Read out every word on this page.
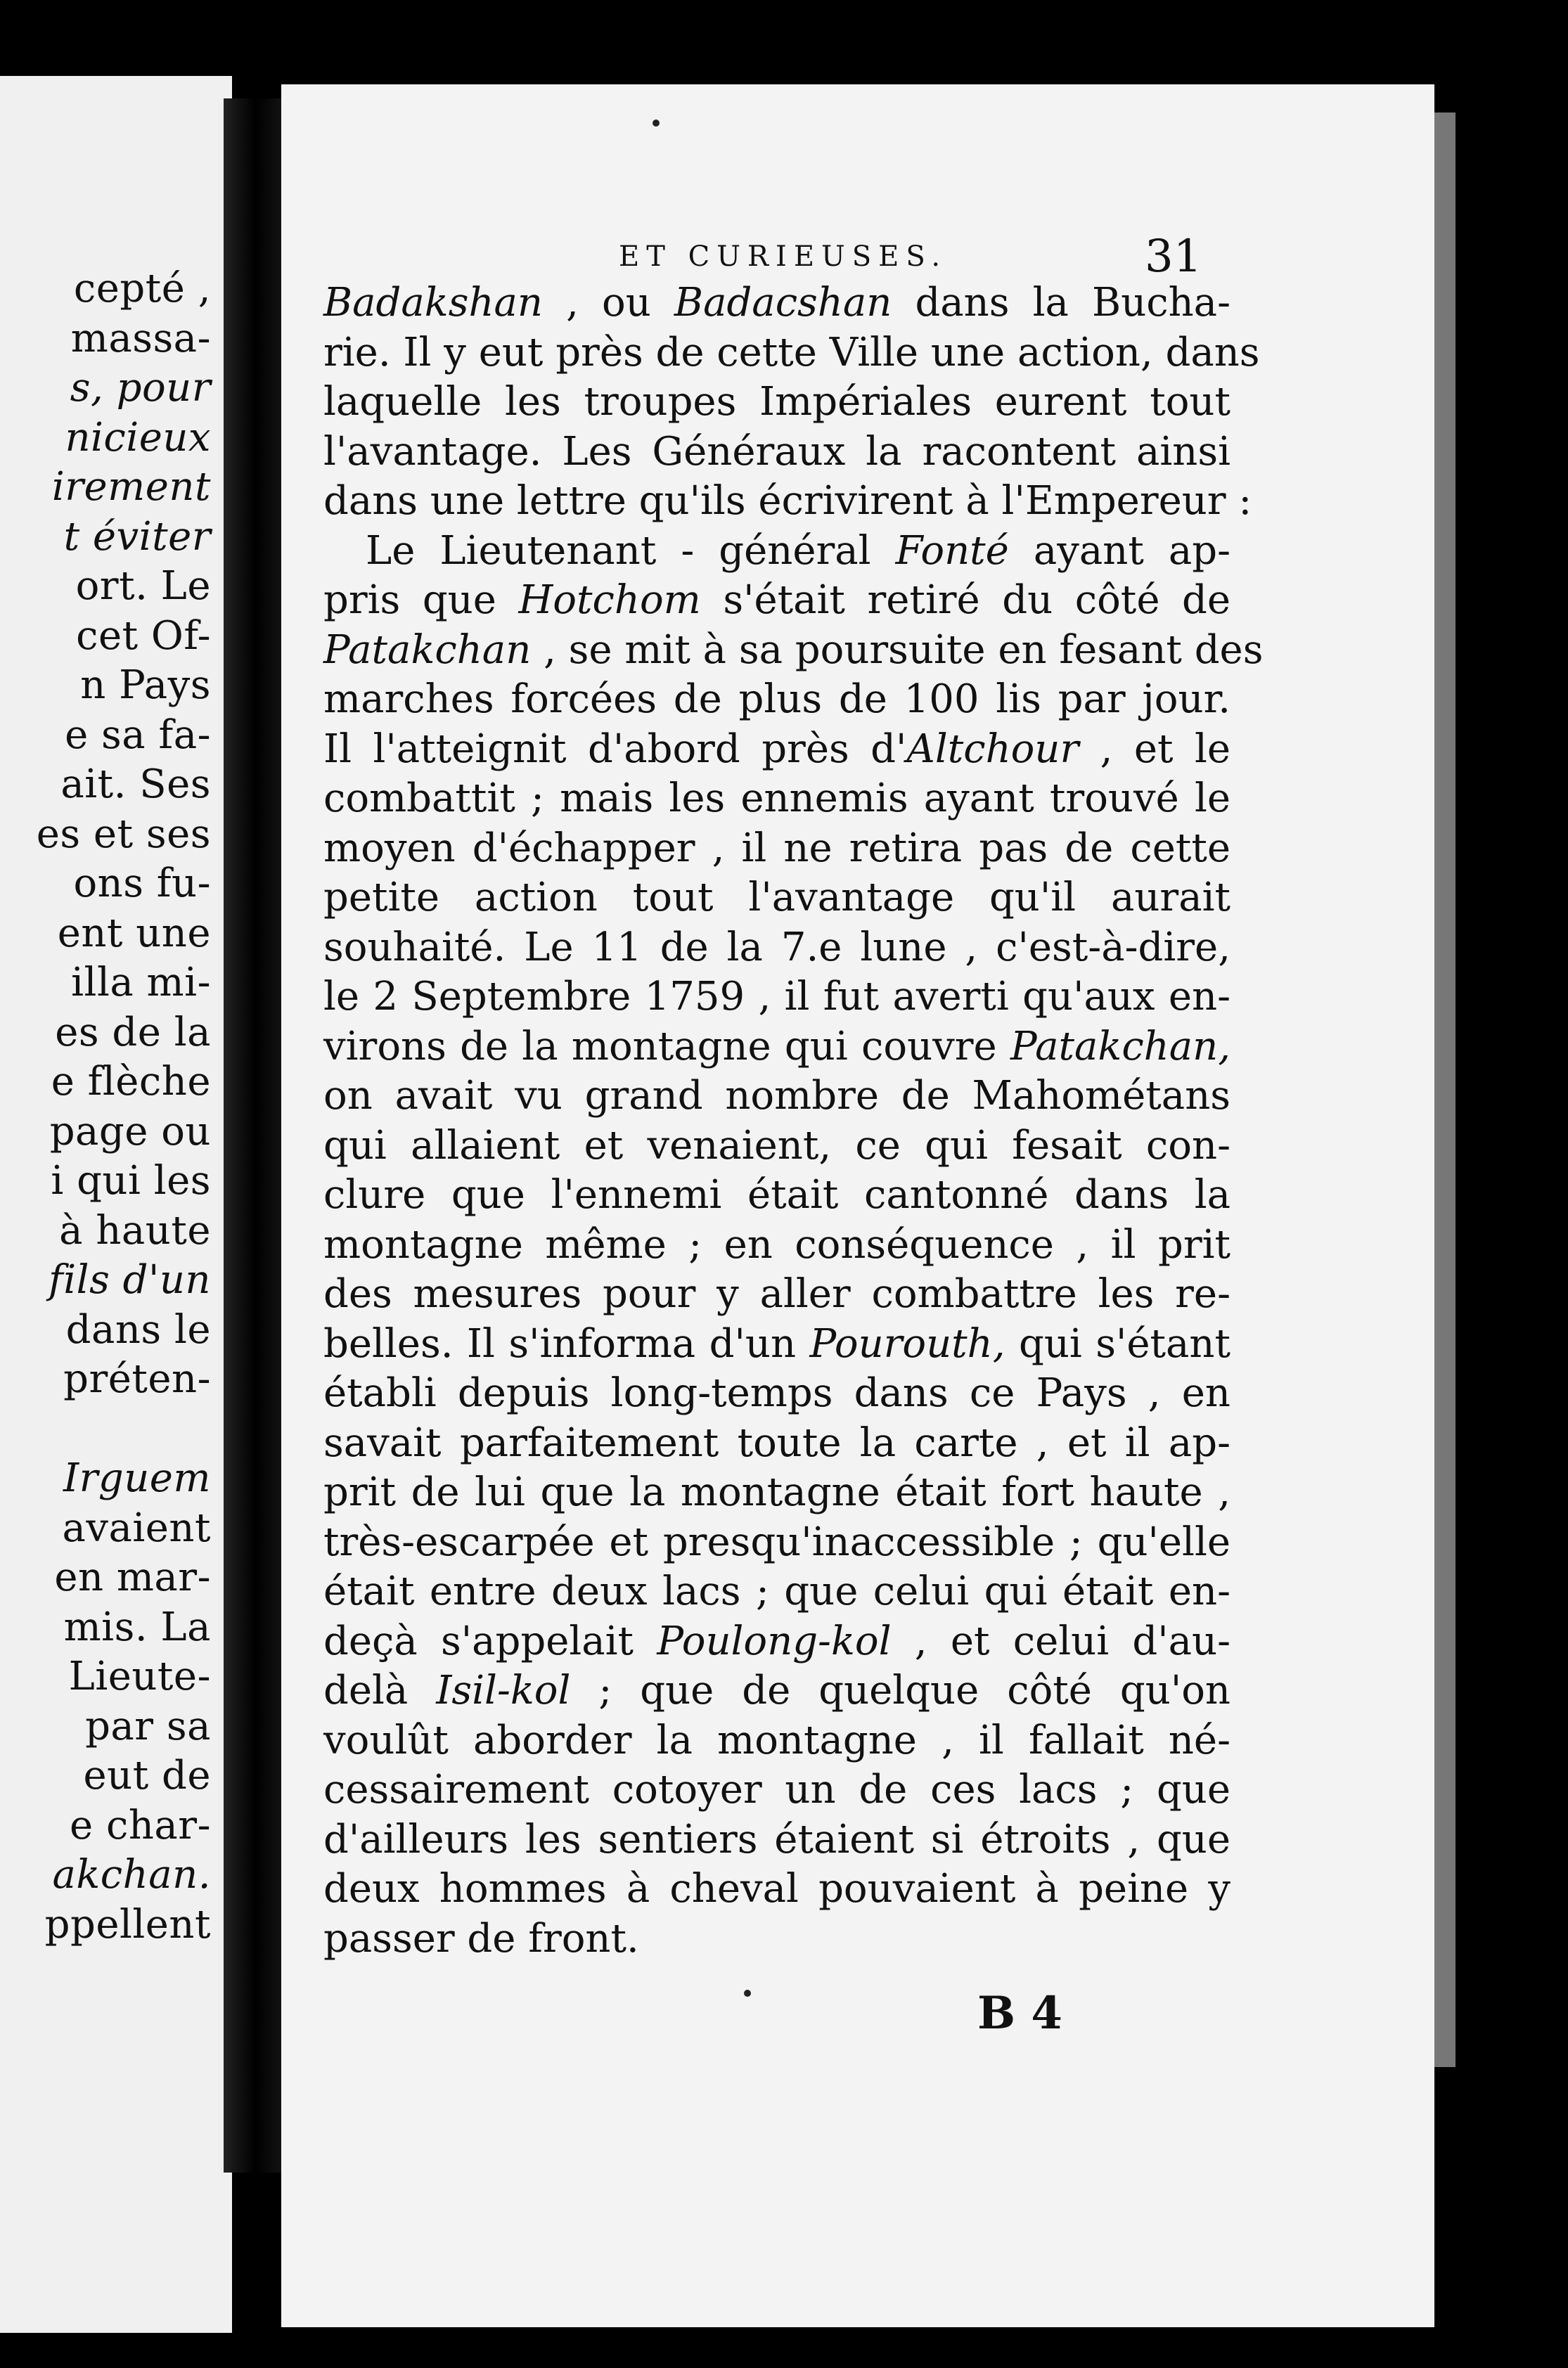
cepté ,
massa-
s, pour
nicieux
irement
t éviter
ort. Le
cet Of-
n Pays
e sa fa-
ait. Ses
es et ses
ons fu-
ent une
illa mi-
es de la
e flèche
page ou
i qui les
à haute
fils d'un
dans le
préten-

Irguem
avaient
en mar-
mis. La
Lieute-
par sa
eut de
e char-
akchan.
ppellent
ET CURIEUSES.	31
Badakshan , ou Badacshan dans la Bucha-
rie. Il y eut près de cette Ville une action, dans
laquelle les troupes Impériales eurent tout
l'avantage. Les Généraux la racontent ainsi
dans une lettre qu'ils écrivirent à l'Empereur :
Le Lieutenant - général Fonté ayant ap-
pris que Hotchom s'était retiré du côté de
Patakchan , se mit à sa poursuite en fesant des
marches forcées de plus de 100 lis par jour.
Il l'atteignit d'abord près d'Altchour , et le
combattit ; mais les ennemis ayant trouvé le
moyen d'échapper , il ne retira pas de cette
petite action tout l'avantage qu'il aurait
souhaité. Le 11 de la 7.e lune , c'est-à-dire,
le 2 Septembre 1759 , il fut averti qu'aux en-
virons de la montagne qui couvre Patakchan,
on avait vu grand nombre de Mahométans
qui allaient et venaient, ce qui fesait con-
clure que l'ennemi était cantonné dans la
montagne même ; en conséquence , il prit
des mesures pour y aller combattre les re-
belles. Il s'informa d'un Pourouth, qui s'étant
établi depuis long-temps dans ce Pays , en
savait parfaitement toute la carte , et il ap-
prit de lui que la montagne était fort haute ,
très-escarpée et presqu'inaccessible ; qu'elle
était entre deux lacs ; que celui qui était en-
deçà s'appelait Poulong-kol , et celui d'au-
delà Isil-kol ; que de quelque côté qu'on
voulût aborder la montagne , il fallait né-
cessairement cotoyer un de ces lacs ; que
d'ailleurs les sentiers étaient si étroits , que
deux hommes à cheval pouvaient à peine y
passer de front.
B 4
